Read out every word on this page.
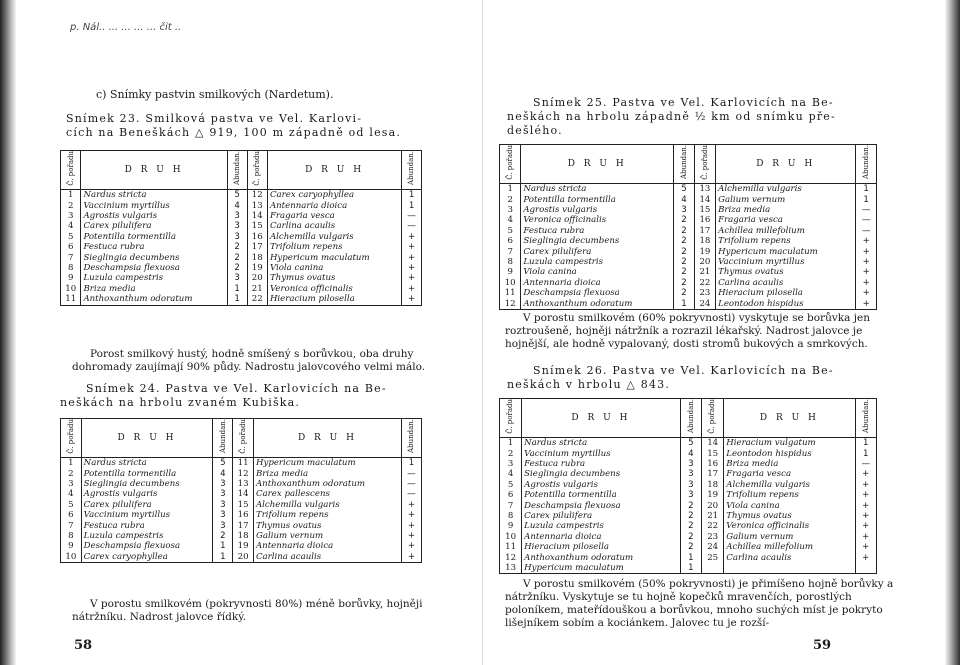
p. Nál.. ... ... ... ... čit ..
c) Snímky pastvin smilkových (Nardetum).
Snímek 23. Smilková pastva ve Vel. Karlovi-
cích na Beneškách △ 919, 100 m západně od lesa.
Č. pořadu	D R U H	Abundan.	Č. pořadu	D R U H	Abundan.
1	Nardus stricta	5	12	Carex caryophyllea	1
2	Vaccinium myrtillus	4	13	Antennaria dioica	1
3	Agrostis vulgaris	3	14	Fragaria vesca	—
4	Carex pilulifera	3	15	Carlina acaulis	—
5	Potentilla tormentilla	3	16	Alchemilla vulgaris	+
6	Festuca rubra	2	17	Trifolium repens	+
7	Sieglingia decumbens	2	18	Hypericum maculatum	+
8	Deschampsia flexuosa	2	19	Viola canina	+
9	Luzula campestris	3	20	Thymus ovatus	+
10	Briza media	1	21	Veronica officinalis	+
11	Anthoxanthum odoratum	1	22	Hieracium pilosella	+
Porost smilkový hustý, hodně smíšený s borůvkou, oba druhy dohromady zaujímají 90% půdy. Nadrostu jalovcového velmi málo.
Snímek 24. Pastva ve Vel. Karlovicích na Be-
neškách na hrbolu zvaném Kubiška.
Č. pořadu	D R U H	Abundan.	Č. pořadu	D R U H	Abundan.
1	Nardus stricta	5	11	Hypericum maculatum	1
2	Potentilla tormentilla	4	12	Briza media	—
3	Sieglingia decumbens	3	13	Anthoxanthum odoratum	—
4	Agrostis vulgaris	3	14	Carex pallescens	—
5	Carex pilulifera	3	15	Alchemilla vulgaris	+
6	Vaccinium myrtillus	3	16	Trifolium repens	+
7	Festuca rubra	3	17	Thymus ovatus	+
8	Luzula campestris	2	18	Galium vernum	+
9	Deschampsia flexuosa	1	19	Antennaria dioica	+
10	Carex caryophyllea	1	20	Carlina acaulis	+
V porostu smilkovém (pokryvnosti 80%) méně borůvky, hojněji nátržníku. Nadrost jalovce řídký.
58
Snímek 25. Pastva ve Vel. Karlovicích na Be-
neškách na hrbolu západně ½ km od snímku pře-
dešlého.
Č. pořadu	D R U H	Abundan.	Č. pořadu	D R U H	Abundan.
1	Nardus stricta	5	13	Alchemilla vulgaris	1
2	Potentilla tormentilla	4	14	Galium vernum	1
3	Agrostis vulgaris	3	15	Briza media	—
4	Veronica officinalis	2	16	Fragaria vesca	—
5	Festuca rubra	2	17	Achillea millefolium	—
6	Sieglingia decumbens	2	18	Trifolium repens	+
7	Carex pilulifera	2	19	Hypericum maculatum	+
8	Luzula campestris	2	20	Vaccinium myrtillus	+
9	Viola canina	2	21	Thymus ovatus	+
10	Antennaria dioica	2	22	Carlina acaulis	+
11	Deschampsia flexuosa	2	23	Hieracium pilosella	+
12	Anthoxanthum odoratum	1	24	Leontodon hispidus	+
V porostu smilkovém (60% pokryvnosti) vyskytuje se borůvka jen roztroušeně, hojněji nátržník a rozrazil lékařský. Nadrost jalovce je hojnější, ale hodně vypalovaný, dosti stromů bukových a smrkových.
Snímek 26. Pastva ve Vel. Karlovicích na Be-
neškách v hrbolu △ 843.
Č. pořadu	D R U H	Abundan.	Č. pořadu	D R U H	Abundan.
1	Nardus stricta	5	14	Hieracium vulgatum	1
2	Vaccinium myrtillus	4	15	Leontodon hispidus	1
3	Festuca rubra	3	16	Briza media	—
4	Sieglingia decumbens	3	17	Fragaria vesca	+
5	Agrostis vulgaris	3	18	Alchemilla vulgaris	+
6	Potentilla tormentilla	3	19	Trifolium repens	+
7	Deschampsia flexuosa	2	20	Viola canina	+
8	Carex pilulifera	2	21	Thymus ovatus	+
9	Luzula campestris	2	22	Veronica officinalis	+
10	Antennaria dioica	2	23	Galium vernum	+
11	Hieracium pilosella	2	24	Achillea millefolium	+
12	Anthoxanthum odoratum	1	25	Carlina acaulis	+
13	Hypericum maculatum	1			
V porostu smilkovém (50% pokryvnosti) je přimíšeno hojně borůvky a nátržníku. Vyskytuje se tu hojně kopečků mravenčích, porostlých poloníkem, mateřídouškou a borůvkou, mnoho suchých míst je pokryto lišejníkem sobím a kociánkem. Jalovec tu je rozší-
59
